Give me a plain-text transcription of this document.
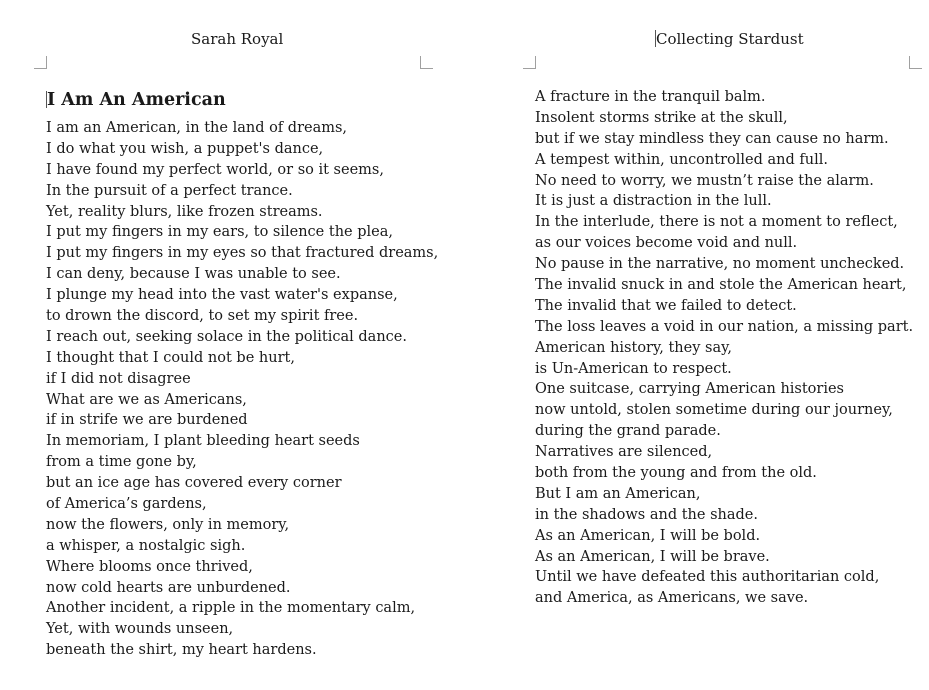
Sarah Royal
I Am An American
I am an American, in the land of dreams,
I do what you wish, a puppet's dance,
I have found my perfect world, or so it seems,
In the pursuit of a perfect trance.
Yet, reality blurs, like frozen streams.
I put my fingers in my ears, to silence the plea,
I put my fingers in my eyes so that fractured dreams,
I can deny, because I was unable to see.
I plunge my head into the vast water's expanse,
to drown the discord, to set my spirit free.
I reach out, seeking solace in the political dance.
I thought that I could not be hurt,
if I did not disagree
What are we as Americans,
if in strife we are burdened
In memoriam, I plant bleeding heart seeds
from a time gone by,
but an ice age has covered every corner
of America’s gardens,
now the flowers, only in memory,
a whisper, a nostalgic sigh.
Where blooms once thrived,
now cold hearts are unburdened.
Another incident, a ripple in the momentary calm,
Yet, with wounds unseen,
beneath the shirt, my heart hardens.
Collecting Stardust
A fracture in the tranquil balm.
Insolent storms strike at the skull,
but if we stay mindless they can cause no harm.
A tempest within, uncontrolled and full.
No need to worry, we mustn’t raise the alarm.
It is just a distraction in the lull.
In the interlude, there is not a moment to reflect,
as our voices become void and null.
No pause in the narrative, no moment unchecked.
The invalid snuck in and stole the American heart,
The invalid that we failed to detect.
The loss leaves a void in our nation, a missing part.
American history, they say,
is Un-American to respect.
One suitcase, carrying American histories
now untold, stolen sometime during our journey,
during the grand parade.
Narratives are silenced,
both from the young and from the old.
But I am an American,
in the shadows and the shade.
As an American, I will be bold.
As an American, I will be brave.
Until we have defeated this authoritarian cold,
and America, as Americans, we save.
